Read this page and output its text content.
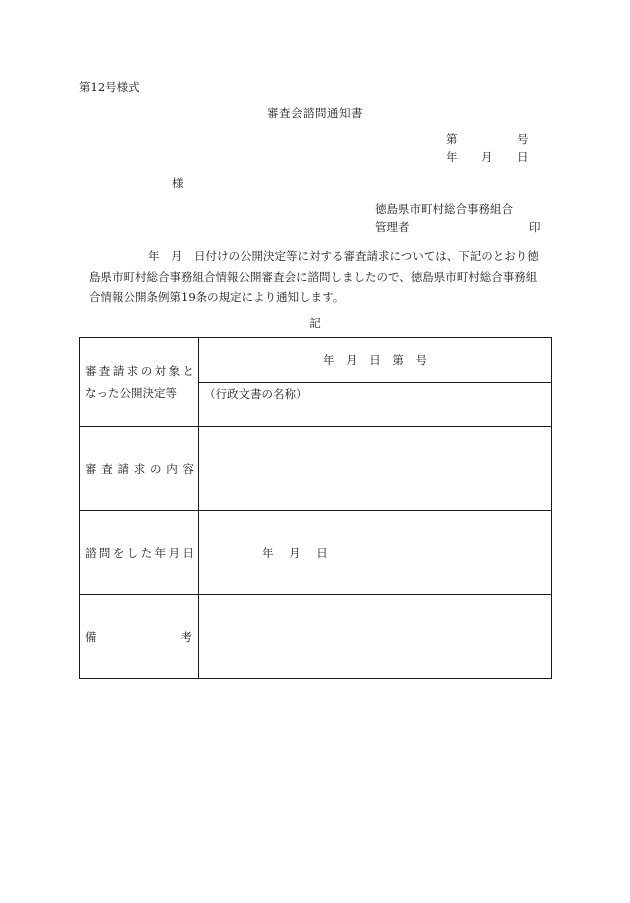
第12号様式
審査会諮問通知書
第	号
年 月 日
様
徳島県市町村総合事務組合
管理者	印
年　月　日付けの公開決定等に対する審査請求については、下記のとおり徳
島県市町村総合事務組合情報公開審査会に諮問しましたので、徳島県市町村総合事務組
合情報公開条例第19条の規定により通知します。
記
審査請求の対象と
なった公開決定等	年 月 日 第 号
	（行政文書の名称）

審査請求の内容	

諮問をした年月日	年 月 日

備 考	
